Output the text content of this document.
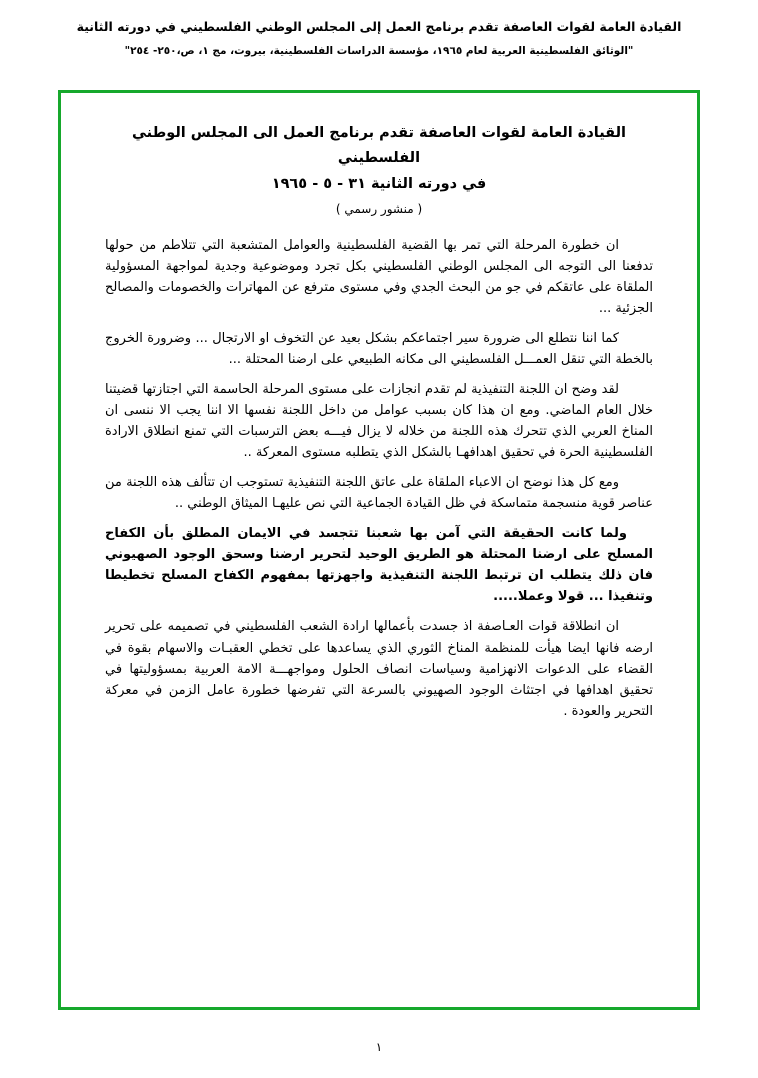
القيادة العامة لقوات العاصفة تقدم برنامج العمل إلى المجلس الوطني الفلسطيني في دورته الثانية
"الوثائق الفلسطينية العربية لعام ١٩٦٥، مؤسسة الدراسات الفلسطينية، بيروت، مج ١، ص،٢٥٠- ٢٥٤"
القيادة العامة لقوات العاصفة تقدم برنامج العمل الى المجلس الوطني الفلسطيني
في دورته الثانية ٣١ - ٥ - ١٩٦٥
( منشور رسمي )

ان خطورة المرحلة التي تمر بها القضية الفلسطينية والعوامل المتشعبة التي تتلاطم من حولها تدفعنا الى التوجه الى المجلس الوطني الفلسطيني بكل تجرد وموضوعية وجدية لمواجهة المسؤولية الملقاة على عاتقكم في جو من البحث الجدي وفي مستوى مترفع عن المهاترات والخصومات والمصالح الجزئية ...

كما اننا نتطلع الى ضرورة سير اجتماعكم بشكل بعيد عن التخوف او الارتجال ... وضرورة الخروج بالخطة التي تنقل العمـــل الفلسطيني الى مكانه الطبيعي على ارضنا المحتلة ...

لقد وضح ان اللجنة التنفيذية لم تقدم انجازات على مستوى المرحلة الحاسمة التي اجتازتها قضيتنا خلال العام الماضي. ومع ان هذا كان بسبب عوامل من داخل اللجنة نفسها الا اننا يجب الا ننسى ان المناخ العربي الذي تتحرك هذه اللجنة من خلاله لا يزال فيـــه بعض الترسبات التي تمنع انطلاق الارادة الفلسطينية الحرة في تحقيق اهدافهـا بالشكل الذي يتطلبه مستوى المعركة ..

ومع كل هذا نوضح ان الاعباء الملقاة على عاتق اللجنة التنفيذية تستوجب ان تتألف هذه اللجنة من عناصر قوية منسجمة متماسكة في ظل القيادة الجماعية التي نص عليهـا الميثاق الوطني ..

ولما كانت الحقيقة التي آمن بها شعبنا تتجسد في الايمان المطلق بأن الكفاح المسلح على ارضنا المحتلة هو الطريق الوحيد لتحرير ارضنا وسحق الوجود الصهيوني فان ذلك يتطلب ان ترتبط اللجنة التنفيذية واجهزتها بمفهوم الكفاح المسلح تخطيطا وتنفيذا ... قولا وعملا.....

ان انطلاقة قوات العـاصفة اذ جسدت بأعمالها ارادة الشعب الفلسطيني في تصميمه على تحرير ارضه فانها ايضا هيأت للمنظمة المناخ الثوري الذي يساعدها على تخطي العقبـات والاسهام بقوة في القضاء على الدعوات الانهزامية وسياسات انصاف الحلول ومواجهـــة الامة العربية بمسؤوليتها في تحقيق اهدافها في اجتثاث الوجود الصهيوني بالسرعة التي تفرضها خطورة عامل الزمن في معركة التحرير والعودة .

١
